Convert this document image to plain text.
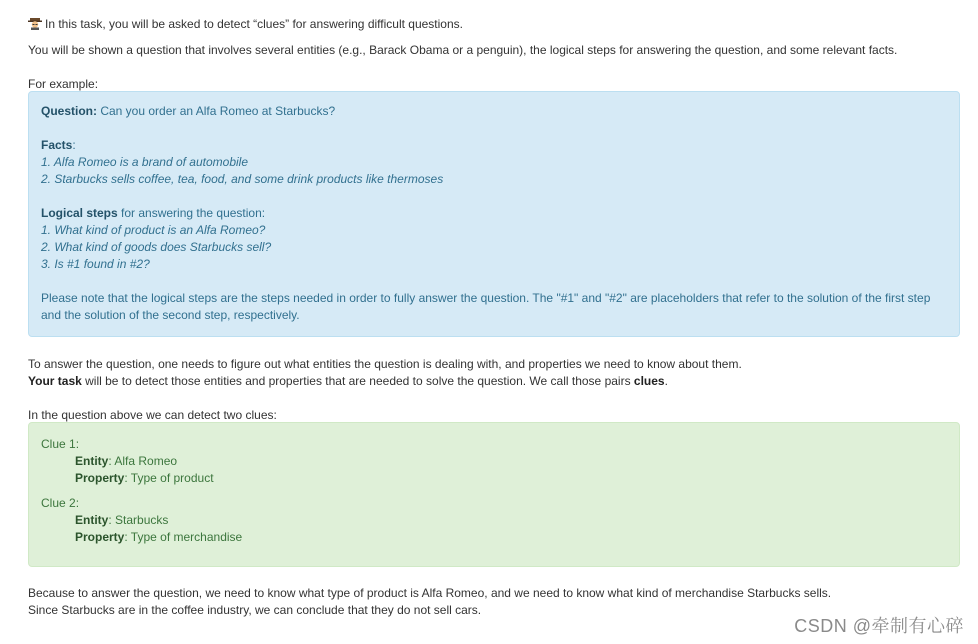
In this task, you will be asked to detect “clues” for answering difficult questions.

You will be shown a question that involves several entities (e.g., Barack Obama or a penguin), the logical steps for answering the question, and some relevant facts.

For example:

Question: Can you order an Alfa Romeo at Starbucks?

Facts:

1. Alfa Romeo is a brand of automobile

2. Starbucks sells coffee, tea, food, and some drink products like thermoses

Logical steps for answering the question:

1. What kind of product is an Alfa Romeo?

2. What kind of goods does Starbucks sell?

3. Is #1 found in #2?

Please note that the logical steps are the steps needed in order to fully answer the question. The "#1" and "#2" are placeholders that refer to the solution of the first step

and the solution of the second step, respectively.

To answer the question, one needs to figure out what entities the question is dealing with, and properties we need to know about them.

Your task will be to detect those entities and properties that are needed to solve the question. We call those pairs clues.

In the question above we can detect two clues:

Clue 1:

Entity: Alfa Romeo

Property: Type of product

Clue 2:

Entity: Starbucks

Property: Type of merchandise

Because to answer the question, we need to know what type of product is Alfa Romeo, and we need to know what kind of merchandise Starbucks sells.

Since Starbucks are in the coffee industry, we can conclude that they do not sell cars.

CSDN @牵制有心碎
